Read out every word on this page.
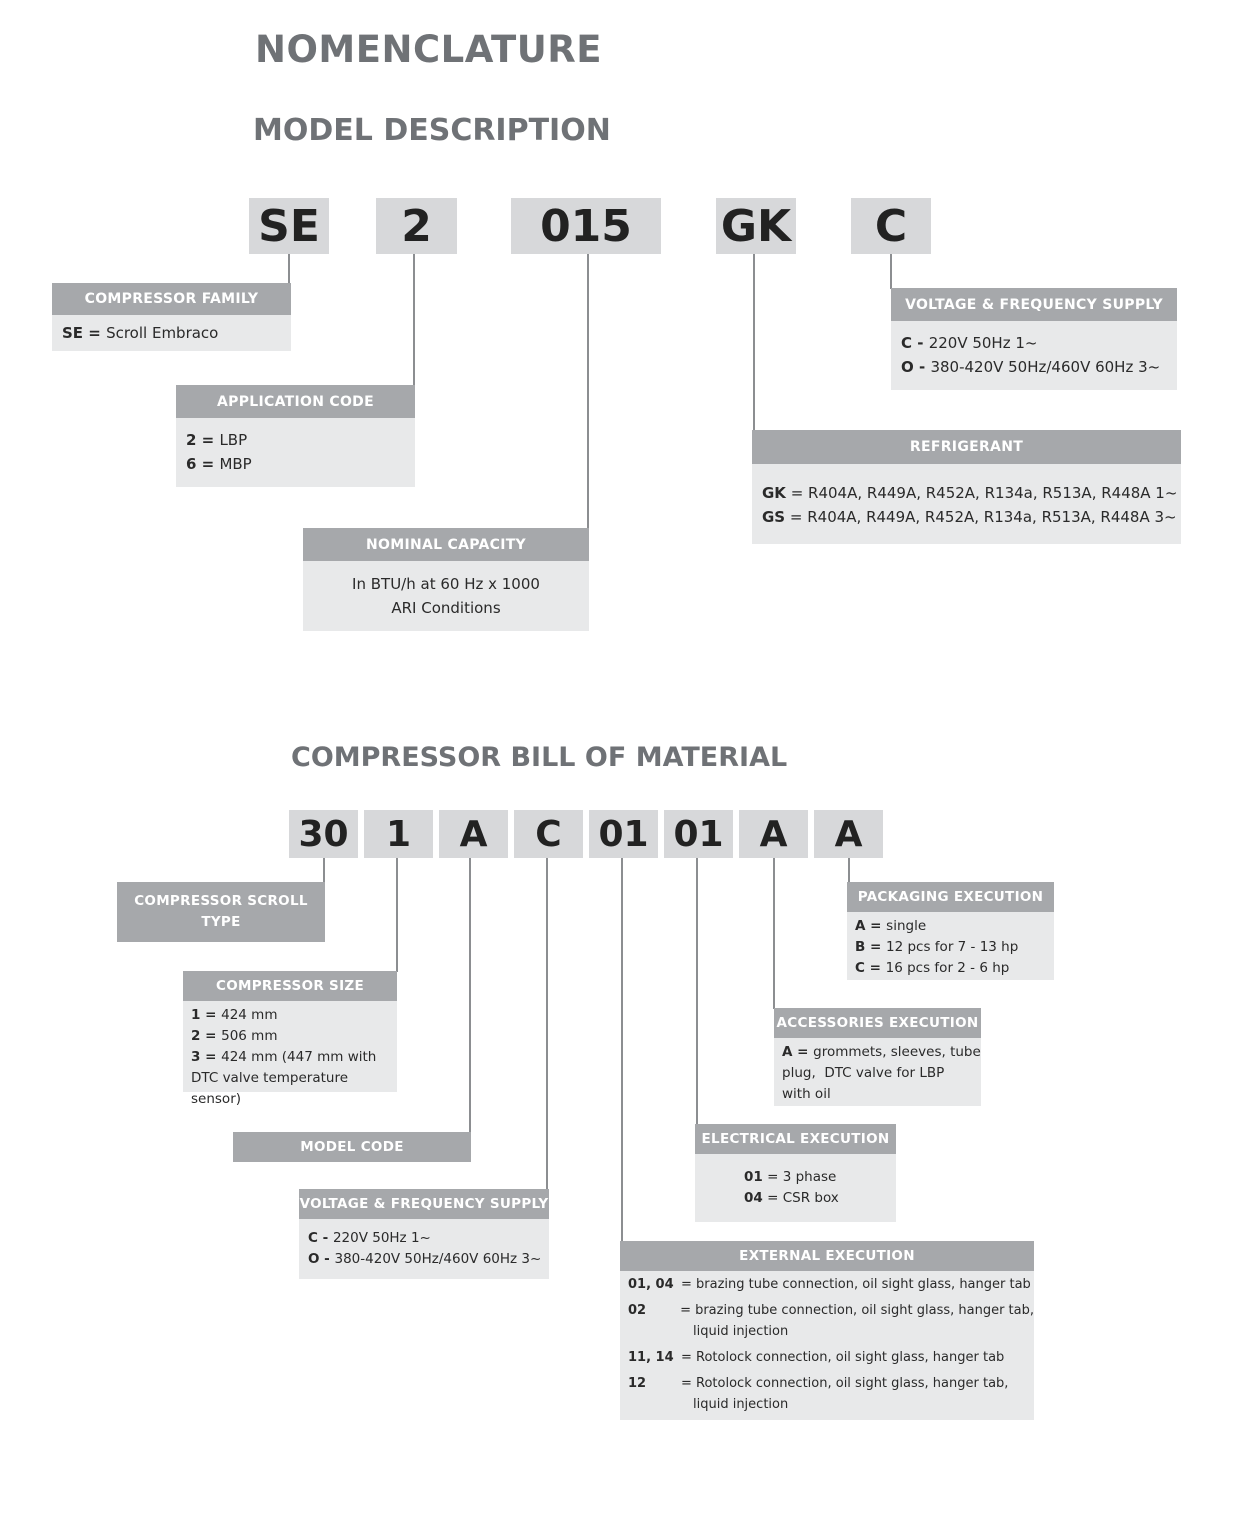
NOMENCLATURE
MODEL DESCRIPTION
SE	2	015	GK	C
COMPRESSOR FAMILY
SE = Scroll Embraco
APPLICATION CODE
2 = LBP
6 = MBP
NOMINAL CAPACITY
In BTU/h at 60 Hz x 1000
ARI Conditions
REFRIGERANT
GK = R404A, R449A, R452A, R134a, R513A, R448A 1~
GS = R404A, R449A, R452A, R134a, R513A, R448A 3~
VOLTAGE & FREQUENCY SUPPLY
C - 220V 50Hz 1~
O - 380-420V 50Hz/460V 60Hz 3~
COMPRESSOR BILL OF MATERIAL
30	1	A	C	01 01	A	A
COMPRESSOR SCROLL
TYPE
COMPRESSOR SIZE
1 = 424 mm
2 = 506 mm
3 = 424 mm (447 mm with
DTC valve temperature sensor)
MODEL CODE
VOLTAGE & FREQUENCY SUPPLY
C - 220V 50Hz 1~
O - 380-420V 50Hz/460V 60Hz 3~
PACKAGING EXECUTION
A = single
B = 12 pcs for 7 - 13 hp
C = 16 pcs for 2 - 6 hp
ACCESSORIES EXECUTION
A = grommets, sleeves, tube
plug,  DTC valve for LBP
with oil
ELECTRICAL EXECUTION
01 = 3 phase
04 = CSR box
EXTERNAL EXECUTION
01, 04 = brazing tube connection, oil sight glass, hanger tab
02	= brazing tube connection, oil sight glass, hanger tab,
liquid injection
11, 14 = Rotolock connection, oil sight glass, hanger tab
12	= Rotolock connection, oil sight glass, hanger tab,
liquid injection
